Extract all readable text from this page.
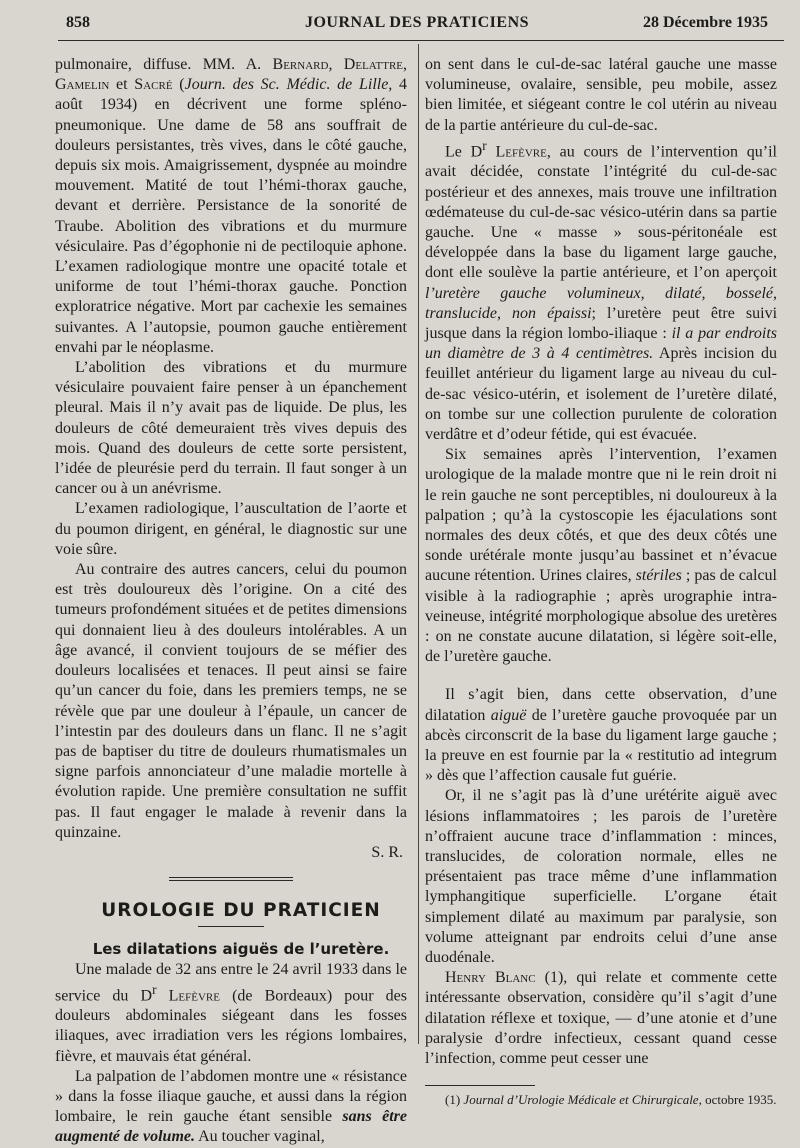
858	JOURNAL DES PRATICIENS	28 Décembre 1935

pulmonaire, diffuse. MM. A. Bernard, Delattre, Gamelin et Sacré (Journ. des Sc. Médic. de Lille, 4 août 1934) en décrivent une forme spléno-pneumonique. Une dame de 58 ans souffrait de douleurs persistantes, très vives, dans le côté gauche, depuis six mois. Amaigrissement, dyspnée au moindre mouvement. Matité de tout l’hémi-thorax gauche, devant et derrière. Persistance de la sonorité de Traube. Abolition des vibrations et du murmure vésiculaire. Pas d’égophonie ni de pectiloquie aphone. L’examen radiologique montre une opacité totale et uniforme de tout l’hémi-thorax gauche. Ponction exploratrice négative. Mort par cachexie les semaines suivantes. A l’autopsie, poumon gauche entièrement envahi par le néoplasme.

L’abolition des vibrations et du murmure vésiculaire pouvaient faire penser à un épanchement pleural. Mais il n’y avait pas de liquide. De plus, les douleurs de côté demeuraient très vives depuis des mois. Quand des douleurs de cette sorte persistent, l’idée de pleurésie perd du terrain. Il faut songer à un cancer ou à un anévrisme.

L’examen radiologique, l’auscultation de l’aorte et du poumon dirigent, en général, le diagnostic sur une voie sûre.

Au contraire des autres cancers, celui du poumon est très douloureux dès l’origine. On a cité des tumeurs profondément situées et de petites dimensions qui donnaient lieu à des douleurs intolérables. A un âge avancé, il convient toujours de se méfier des douleurs localisées et tenaces. Il peut ainsi se faire qu’un cancer du foie, dans les premiers temps, ne se révèle que par une douleur à l’épaule, un cancer de l’intestin par des douleurs dans un flanc. Il ne s’agit pas de baptiser du titre de douleurs rhumatismales un signe parfois annonciateur d’une maladie mortelle à évolution rapide. Une première consultation ne suffit pas. Il faut engager le malade à revenir dans la quinzaine.

S. R.

UROLOGIE DU PRATICIEN

Les dilatations aiguës de l’uretère.

Une malade de 32 ans entre le 24 avril 1933 dans le service du $D^r$ Lefèvre (de Bordeaux) pour des douleurs abdominales siégeant dans les fosses iliaques, avec irradiation vers les régions lombaires, fièvre, et mauvais état général.

La palpation de l’abdomen montre une « résistance » dans la fosse iliaque gauche, et aussi dans la région lombaire, le rein gauche étant sensible sans être augmenté de volume. Au toucher vaginal,

on sent dans le cul-de-sac latéral gauche une masse volumineuse, ovalaire, sensible, peu mobile, assez bien limitée, et siégeant contre le col utérin au niveau de la partie antérieure du cul-de-sac.

Le $D^r$ Lefèvre, au cours de l’intervention qu’il avait décidée, constate l’intégrité du cul-de-sac postérieur et des annexes, mais trouve une infiltration œdémateuse du cul-de-sac vésico-utérin dans sa partie gauche. Une « masse » sous-péritonéale est développée dans la base du ligament large gauche, dont elle soulève la partie antérieure, et l’on aperçoit l’uretère gauche volumineux, dilaté, bosselé, translucide, non épaissi; l’uretère peut être suivi jusque dans la région lombo-iliaque : il a par endroits un diamètre de 3 à 4 centimètres. Après incision du feuillet antérieur du ligament large au niveau du cul-de-sac vésico-utérin, et isolement de l’uretère dilaté, on tombe sur une collection purulente de coloration verdâtre et d’odeur fétide, qui est évacuée.

Six semaines après l’intervention, l’examen urologique de la malade montre que ni le rein droit ni le rein gauche ne sont perceptibles, ni douloureux à la palpation ; qu’à la cystoscopie les éjaculations sont normales des deux côtés, et que des deux côtés une sonde urétérale monte jusqu’au bassinet et n’évacue aucune rétention. Urines claires, stériles ; pas de calcul visible à la radiographie ; après urographie intra-veineuse, intégrité morphologique absolue des uretères : on ne constate aucune dilatation, si légère soit-elle, de l’uretère gauche.

Il s’agit bien, dans cette observation, d’une dilatation aiguë de l’uretère gauche provoquée par un abcès circonscrit de la base du ligament large gauche ; la preuve en est fournie par la « restitutio ad integrum » dès que l’affection causale fut guérie.

Or, il ne s’agit pas là d’une urétérite aiguë avec lésions inflammatoires ; les parois de l’uretère n’offraient aucune trace d’inflammation : minces, translucides, de coloration normale, elles ne présentaient pas trace même d’une inflammation lymphangitique superficielle. L’organe était simplement dilaté au maximum par paralysie, son volume atteignant par endroits celui d’une anse duodénale.

Henry Blanc (1), qui relate et commente cette intéressante observation, considère qu’il s’agit d’une dilatation réflexe et toxique, — d’une atonie et d’une paralysie d’ordre infectieux, cessant quand cesse l’infection, comme peut cesser une

(1) Journal d’Urologie Médicale et Chirurgicale, octobre 1935.
